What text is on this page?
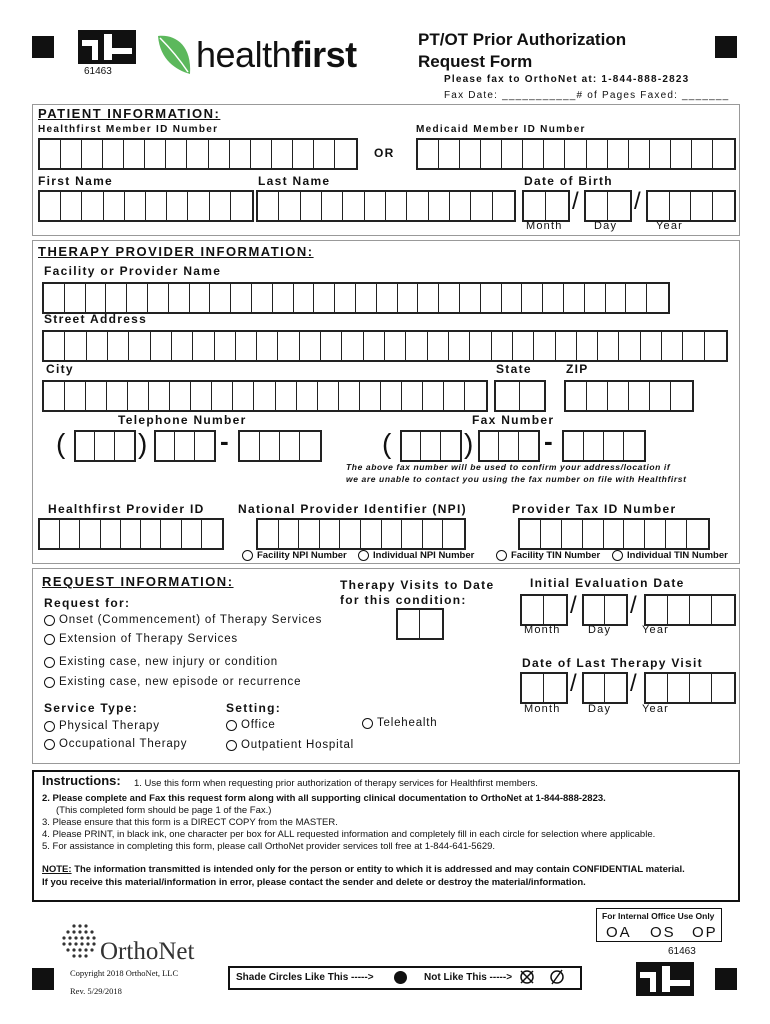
61463 healthfirst	PT/OT Prior Authorization
Request Form
Please fax to OrthoNet at: 1-844-888-2823
Fax Date: ___________# of Pages Faxed: _______
PATIENT INFORMATION:
Healthfirst Member ID Number	Medicaid Member ID Number
OR
First Name	Last Name	Date of Birth
/ /
Month	Day	Year
THERAPY PROVIDER INFORMATION:
Facility or Provider Name
Street Address
City	State	ZIP
Telephone Number	Fax Number
(	)	-	(	)	-
The above fax number will be used to confirm your address/location if
we are unable to contact you using the fax number on file with Healthfirst
Healthfirst Provider ID	National Provider Identifier (NPI)	Provider Tax ID Number
Facility NPI Number	Individual NPI Number	Facility TIN Number	Individual TIN Number
REQUEST INFORMATION:
Request for:
Therapy Visits to Date
for this condition:
Initial Evaluation Date
/ /
Month Day	Year
Onset (Commencement) of Therapy Services
Extension of Therapy Services
Existing case, new injury or condition
Existing case, new episode or recurrence
Date of Last Therapy Visit
/ /
Month Day	Year
Service Type:	Setting:
Physical Therapy
Occupational Therapy
Office	Telehealth
Outpatient Hospital
Instructions: 1. Use this form when requesting prior authorization of therapy services for Healthfirst members.
2. Please complete and Fax this request form along with all supporting clinical documentation to OrthoNet at 1-844-888-2823.
(This completed form should be page 1 of the Fax.)
3. Please ensure that this form is a DIRECT COPY from the MASTER.
4. Please PRINT, in black ink, one character per box for ALL requested information and completely fill in each circle for selection where applicable.
5. For assistance in completing this form, please call OrthoNet provider services toll free at 1-844-641-5629.
NOTE: The information transmitted is intended only for the person or entity to which it is addressed and may contain CONFIDENTIAL material.
If you receive this material/information in error, please contact the sender and delete or destroy the material/information.
OrthoNet
Copyright 2018 OrthoNet, LLC
Rev. 5/29/2018
Shade Circles Like This ----->	Not Like This ----->
For Internal Office Use Only
OA OS OP
61463
